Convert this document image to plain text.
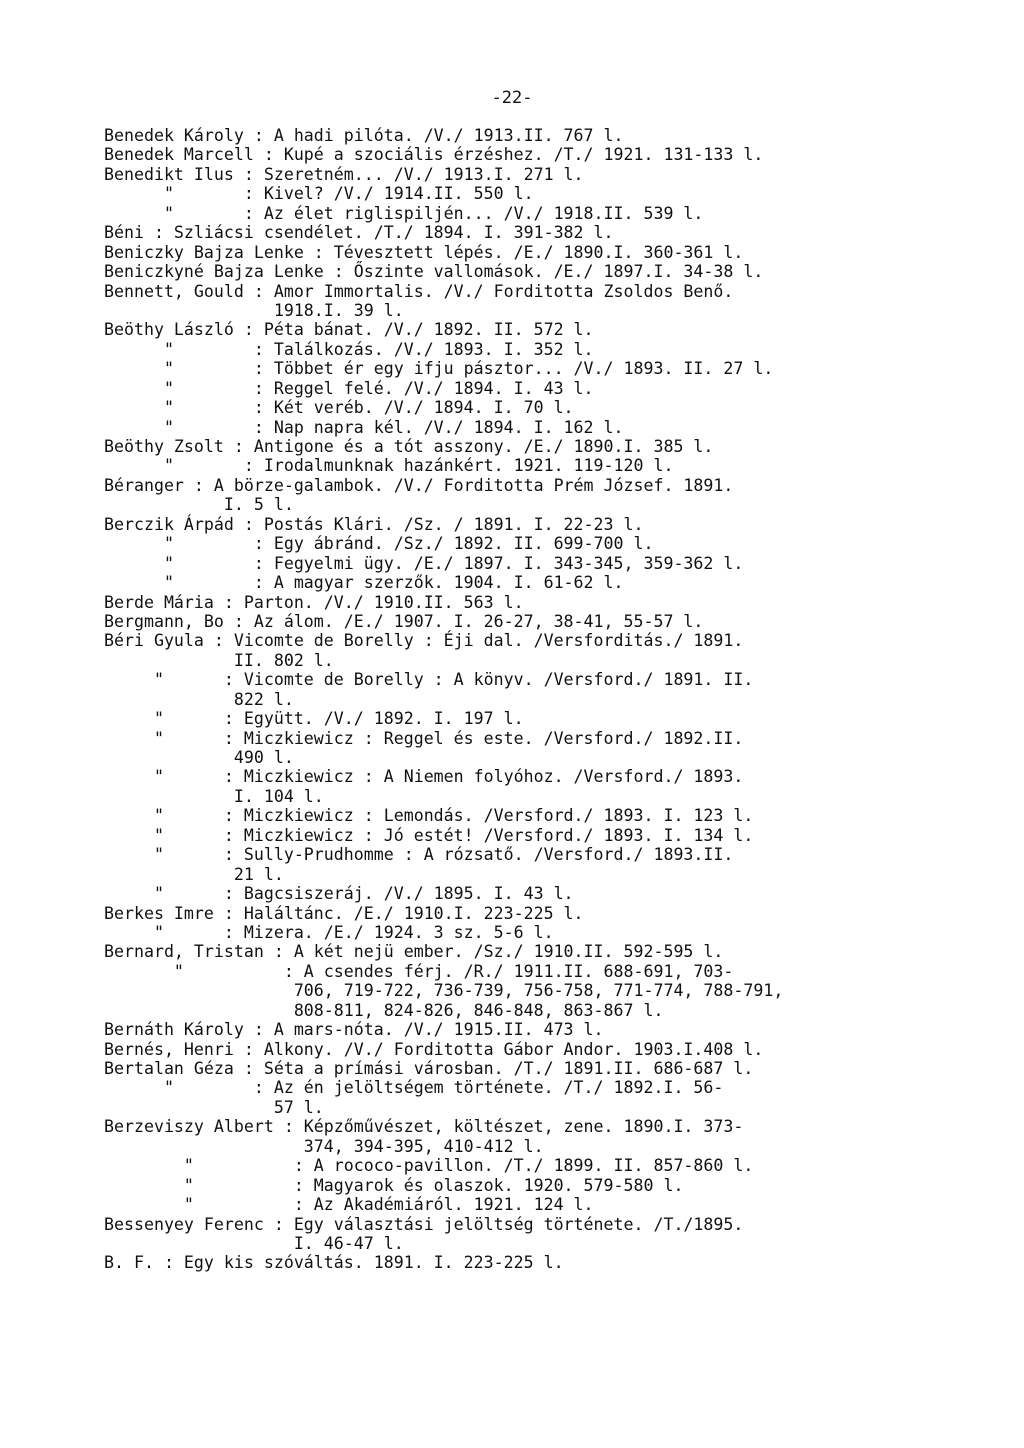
-22-
Benedek Károly : A hadi pilóta. /V./ 1913.II. 767 l.
Benedek Marcell : Kupé a szociális érzéshez. /T./ 1921. 131-133 l.
Benedikt Ilus : Szeretném... /V./ 1913.I. 271 l.
"       : Kivel? /V./ 1914.II. 550 l.
"       : Az élet riglispiljén... /V./ 1918.II. 539 l.
Béni : Szliácsi csendélet. /T./ 1894. I. 391-382 l.
Beniczky Bajza Lenke : Tévesztett lépés. /E./ 1890.I. 360-361 l.
Beniczkyné Bajza Lenke : Őszinte vallomások. /E./ 1897.I. 34-38 l.
Bennett, Gould : Amor Immortalis. /V./ Forditotta Zsoldos Benő.
1918.I. 39 l.
Beöthy László : Péta bánat. /V./ 1892. II. 572 l.
"        : Találkozás. /V./ 1893. I. 352 l.
"        : Többet ér egy ifju pásztor... /V./ 1893. II. 27 l.
"        : Reggel felé. /V./ 1894. I. 43 l.
"        : Két veréb. /V./ 1894. I. 70 l.
"        : Nap napra kél. /V./ 1894. I. 162 l.
Beöthy Zsolt : Antigone és a tót asszony. /E./ 1890.I. 385 l.
"       : Irodalmunknak hazánkért. 1921. 119-120 l.
Béranger : A börze-galambok. /V./ Forditotta Prém József. 1891.
I. 5 l.
Berczik Árpád : Postás Klári. /Sz. / 1891. I. 22-23 l.
"        : Egy ábránd. /Sz./ 1892. II. 699-700 l.
"        : Fegyelmi ügy. /E./ 1897. I. 343-345, 359-362 l.
"        : A magyar szerzők. 1904. I. 61-62 l.
Berde Mária : Parton. /V./ 1910.II. 563 l.
Bergmann, Bo : Az álom. /E./ 1907. I. 26-27, 38-41, 55-57 l.
Béri Gyula : Vicomte de Borelly : Éji dal. /Versforditás./ 1891.
II. 802 l.
"      : Vicomte de Borelly : A könyv. /Versford./ 1891. II.
822 l.
"      : Együtt. /V./ 1892. I. 197 l.
"      : Miczkiewicz : Reggel és este. /Versford./ 1892.II.
490 l.
"      : Miczkiewicz : A Niemen folyóhoz. /Versford./ 1893.
I. 104 l.
"      : Miczkiewicz : Lemondás. /Versford./ 1893. I. 123 l.
"      : Miczkiewicz : Jó estét! /Versford./ 1893. I. 134 l.
"      : Sully-Prudhomme : A rózsatő. /Versford./ 1893.II.
21 l.
"      : Bagcsiszeráj. /V./ 1895. I. 43 l.
Berkes Imre : Haláltánc. /E./ 1910.I. 223-225 l.
"      : Mizera. /E./ 1924. 3 sz. 5-6 l.
Bernard, Tristan : A két nejü ember. /Sz./ 1910.II. 592-595 l.
"          : A csendes férj. /R./ 1911.II. 688-691, 703-
706, 719-722, 736-739, 756-758, 771-774, 788-791,
808-811, 824-826, 846-848, 863-867 l.
Bernáth Károly : A mars-nóta. /V./ 1915.II. 473 l.
Bernés, Henri : Alkony. /V./ Forditotta Gábor Andor. 1903.I.408 l.
Bertalan Géza : Séta a prímási városban. /T./ 1891.II. 686-687 l.
"        : Az én jelöltségem története. /T./ 1892.I. 56-
57 l.
Berzeviszy Albert : Képzőművészet, költészet, zene. 1890.I. 373-
374, 394-395, 410-412 l.
"          : A rococo-pavillon. /T./ 1899. II. 857-860 l.
"          : Magyarok és olaszok. 1920. 579-580 l.
"          : Az Akadémiáról. 1921. 124 l.
Bessenyey Ferenc : Egy választási jelöltség története. /T./1895.
I. 46-47 l.
B. F. : Egy kis szóváltás. 1891. I. 223-225 l.
